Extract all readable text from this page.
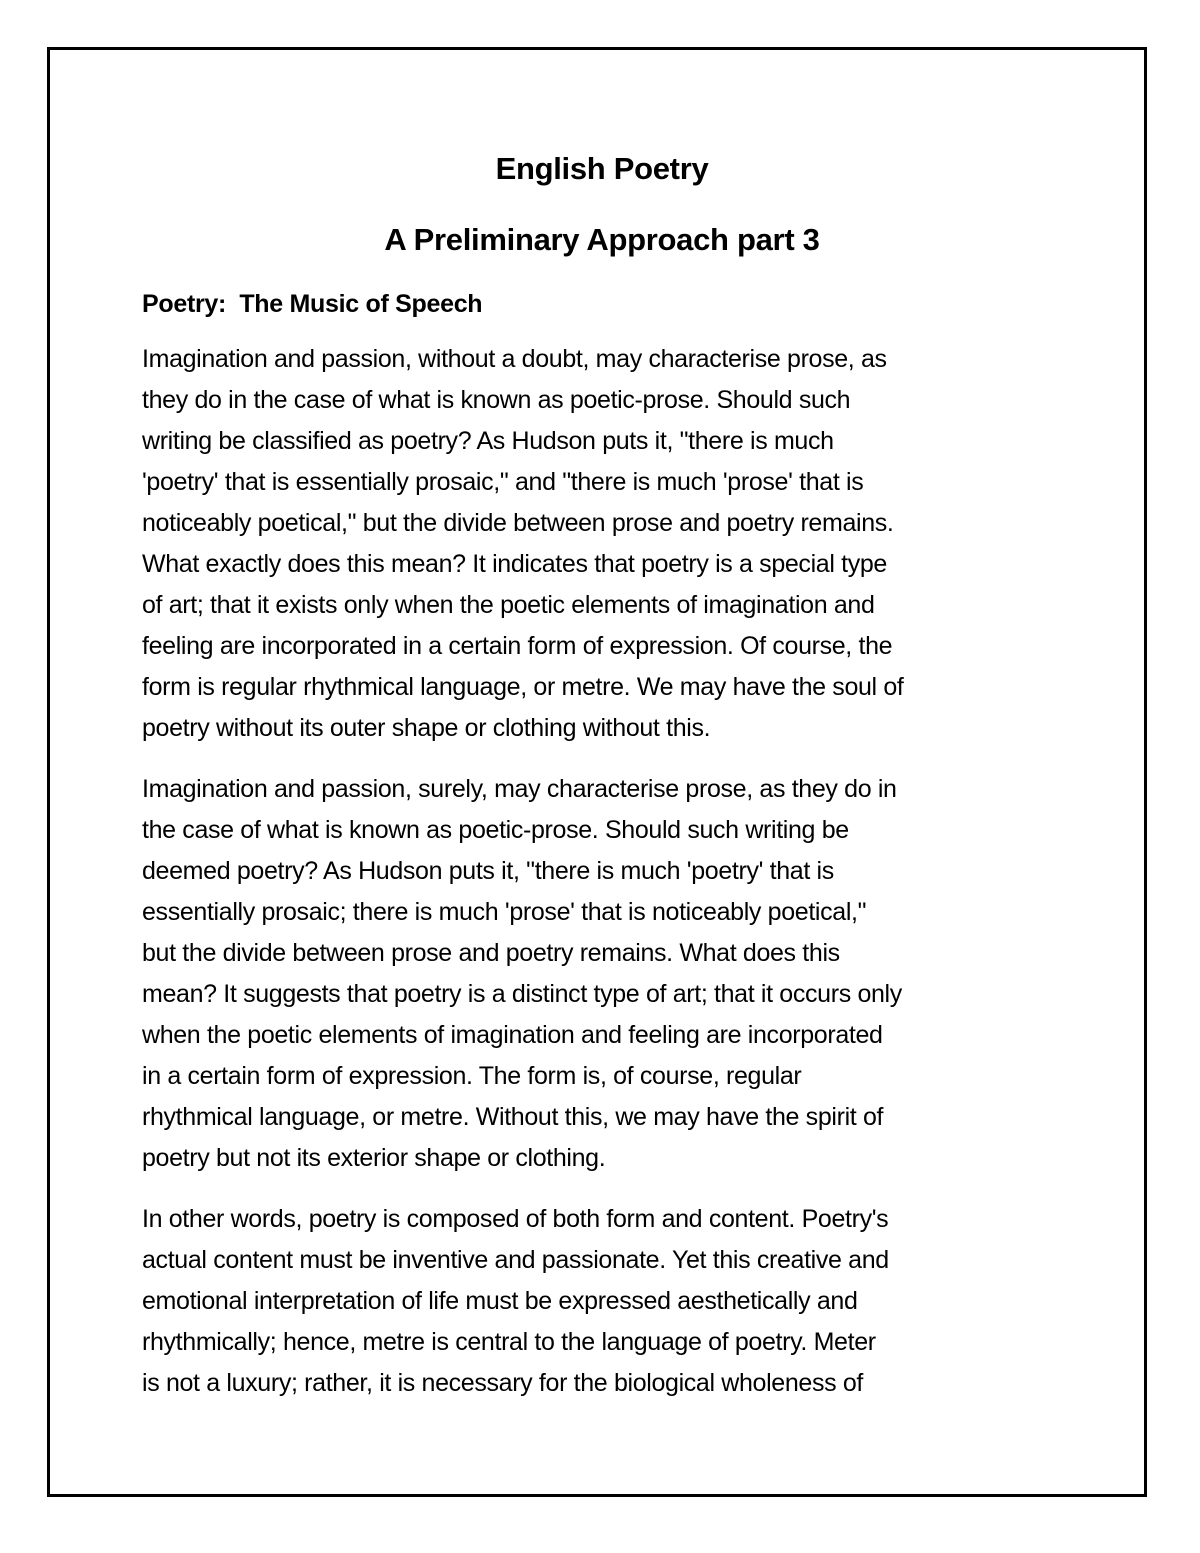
English Poetry
A Preliminary Approach part 3
Poetry:  The Music of Speech

Imagination and passion, without a doubt, may characterise prose, as
they do in the case of what is known as poetic-prose. Should such
writing be classified as poetry? As Hudson puts it, "there is much
'poetry' that is essentially prosaic," and "there is much 'prose' that is
noticeably poetical," but the divide between prose and poetry remains.
What exactly does this mean? It indicates that poetry is a special type
of art; that it exists only when the poetic elements of imagination and
feeling are incorporated in a certain form of expression. Of course, the
form is regular rhythmical language, or metre. We may have the soul of
poetry without its outer shape or clothing without this.

Imagination and passion, surely, may characterise prose, as they do in
the case of what is known as poetic-prose. Should such writing be
deemed poetry? As Hudson puts it, "there is much 'poetry' that is
essentially prosaic; there is much 'prose' that is noticeably poetical,"
but the divide between prose and poetry remains. What does this
mean? It suggests that poetry is a distinct type of art; that it occurs only
when the poetic elements of imagination and feeling are incorporated
in a certain form of expression. The form is, of course, regular
rhythmical language, or metre. Without this, we may have the spirit of
poetry but not its exterior shape or clothing.

In other words, poetry is composed of both form and content. Poetry's
actual content must be inventive and passionate. Yet this creative and
emotional interpretation of life must be expressed aesthetically and
rhythmically; hence, metre is central to the language of poetry. Meter
is not a luxury; rather, it is necessary for the biological wholeness of
